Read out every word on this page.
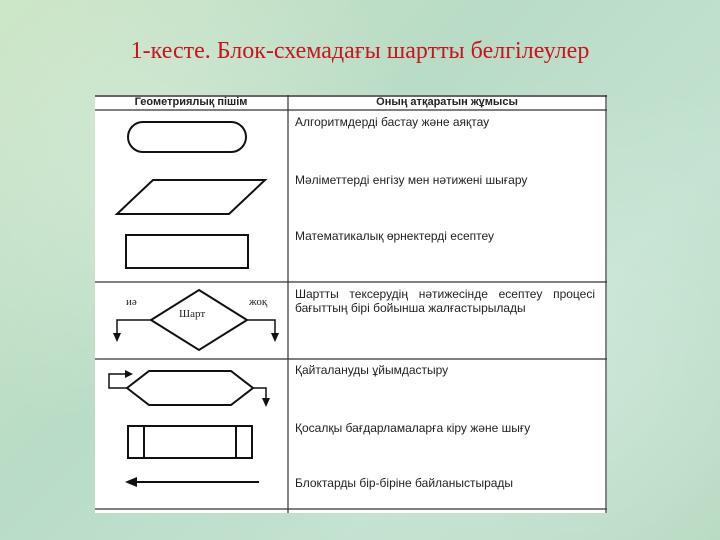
1-кесте. Блок-схемадағы шартты белгілеулер
Геометриялық пішім	Оның атқаратын жұмысы
Алгоритмдерді бастау және аяқтау
Мәліметтерді енгізу мен нәтижені шығару
Математикалық өрнектерді есептеу
Шарт
иә	жоқ
Шартты тексерудің нәтижесінде есептеу процесі бағыттың бірі бойынша жалғастырылады
Қайталануды ұйымдастыру
Қосалқы бағдарламаларға кіру және шығу
Блоктарды бір-біріне байланыстырады
